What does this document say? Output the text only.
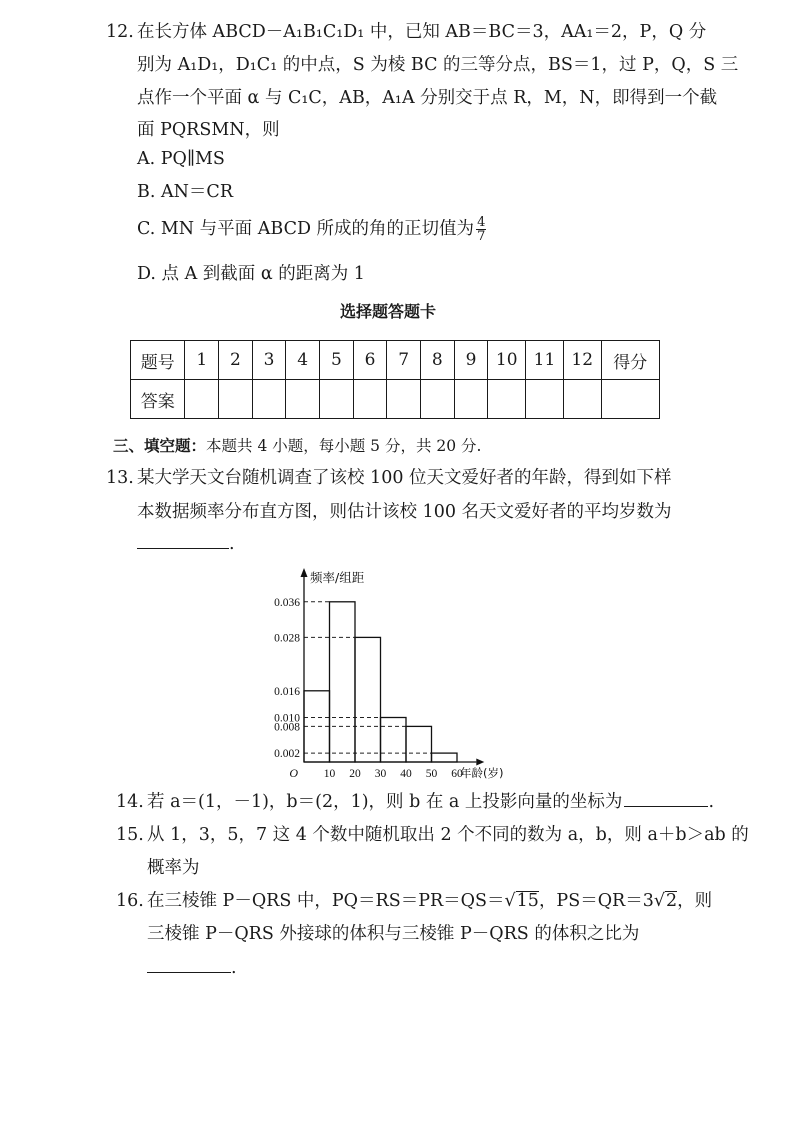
12. 在长方体 ABCD－A₁B₁C₁D₁ 中，已知 AB＝BC＝3，AA₁＝2，P，Q 分
别为 A₁D₁，D₁C₁ 的中点，S 为棱 BC 的三等分点，BS＝1，过 P，Q，S 三
点作一个平面 α 与 C₁C，AB，A₁A 分别交于点 R，M，N，即得到一个截
面 PQRSMN，则
A. PQ∥MS
B. AN＝CR
C. MN 与平面 ABCD 所成的角的正切值为 $\frac{4}{7}$
D. 点 A 到截面 α 的距离为 1
选择题答题卡
题号	1	2	3	4	5	6	7	8	9	10	11	12	得分
答案													
三、填空题：本题共 4 小题，每小题 5 分，共 20 分.
13. 某大学天文台随机调查了该校 100 位天文爱好者的年龄，得到如下样
本数据频率分布直方图，则估计该校 100 名天文爱好者的平均岁数为
.
0.002
0.008
0.010
0.016
0.028
0.036
10 20 30 40 50 60
O
频率/组距
年龄(岁)
14. 若 a＝(1，－1)，b＝(2，1)，则 b 在 a 上投影向量的坐标为	.
15. 从 1，3，5，7 这 4 个数中随机取出 2 个不同的数为 a，b，则 a＋b＞ab 的
概率为
16. 在三棱锥 P－QRS 中，PQ＝RS＝PR＝QS＝√15，PS＝QR＝3√2，则
三棱锥 P－QRS 外接球的体积与三棱锥 P－QRS 的体积之比为
.
